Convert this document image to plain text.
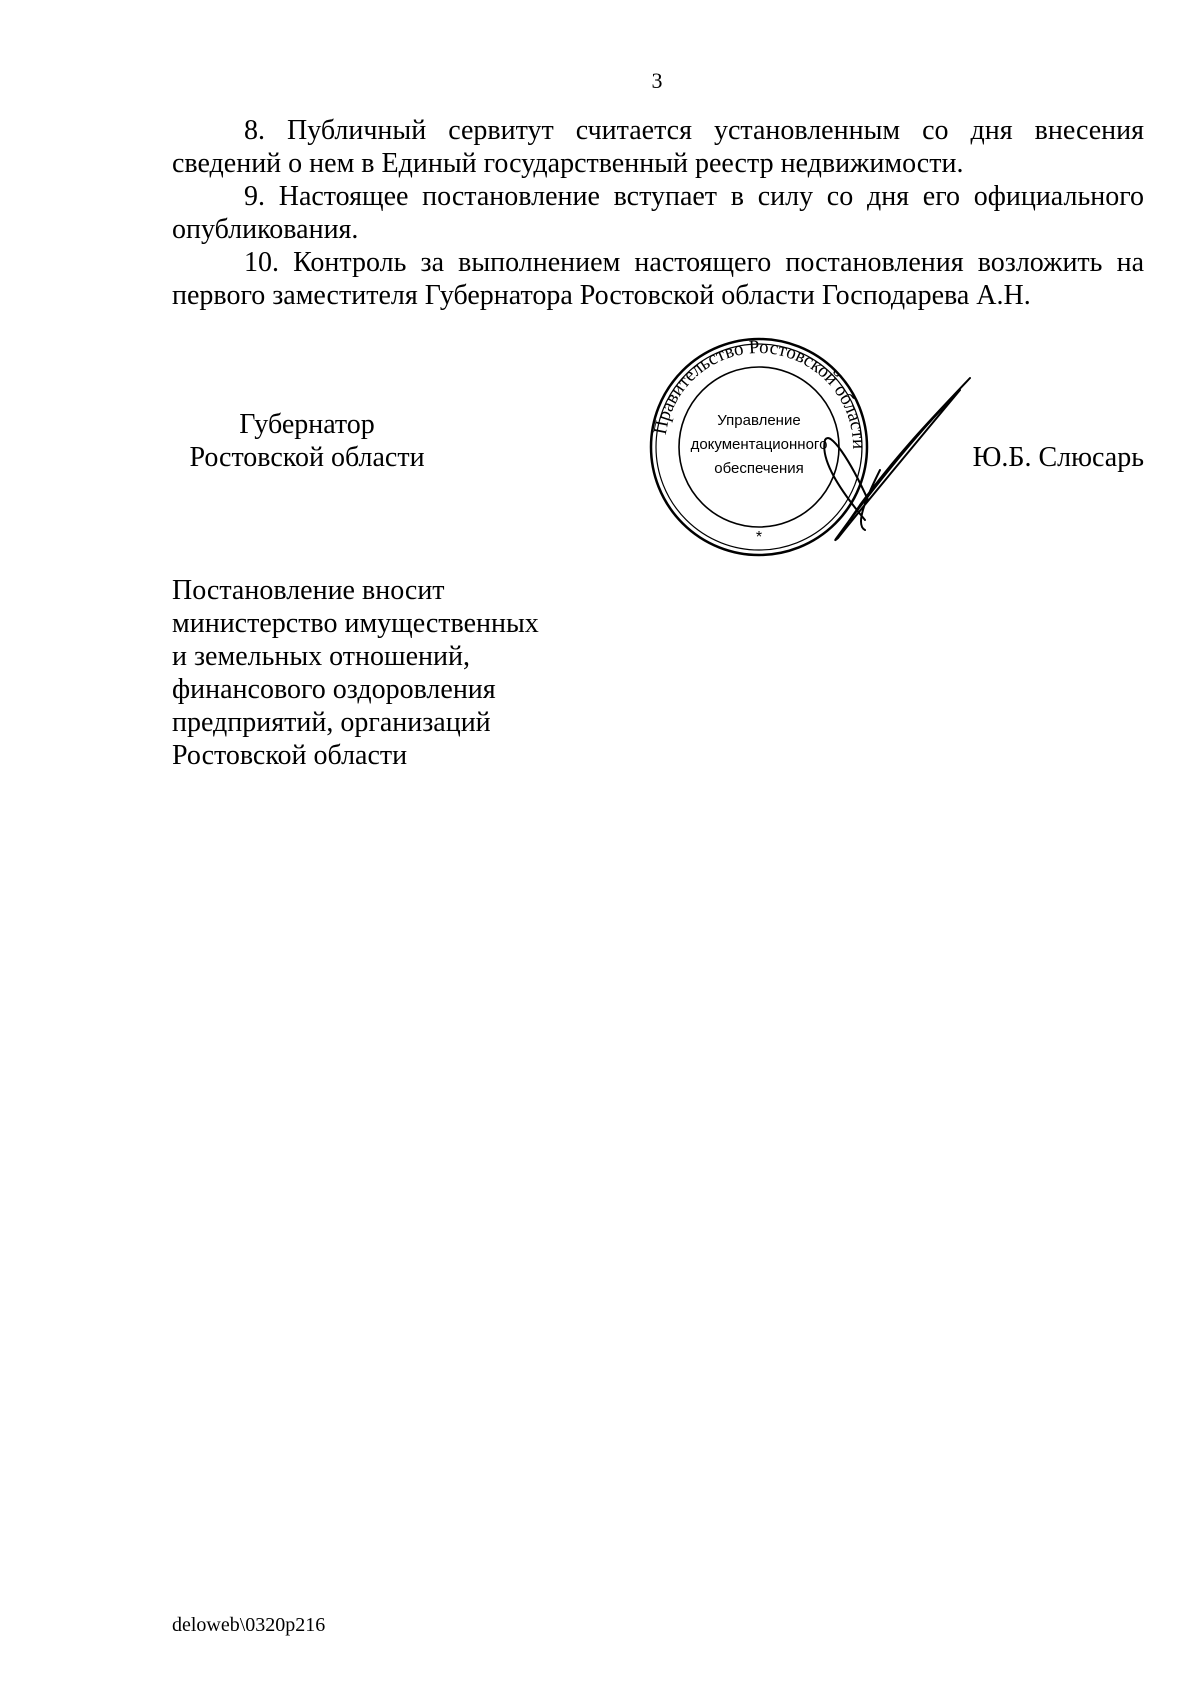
3

8. Публичный сервитут считается установленным со дня внесения сведений о нем в Единый государственный реестр недвижимости.

9. Настоящее постановление вступает в силу со дня его официального опубликования.

10. Контроль за выполнением настоящего постановления возложить на первого заместителя Губернатора Ростовской области Господарева А.Н.

Губернатор
Ростовской области
Правительство Ростовской области
Управление
документационного
обеспечения
*
Ю.Б. Слюсарь
Постановление вносит
министерство имущественных
и земельных отношений,
финансового оздоровления
предприятий, организаций
Ростовской области
deloweb\0320p216
